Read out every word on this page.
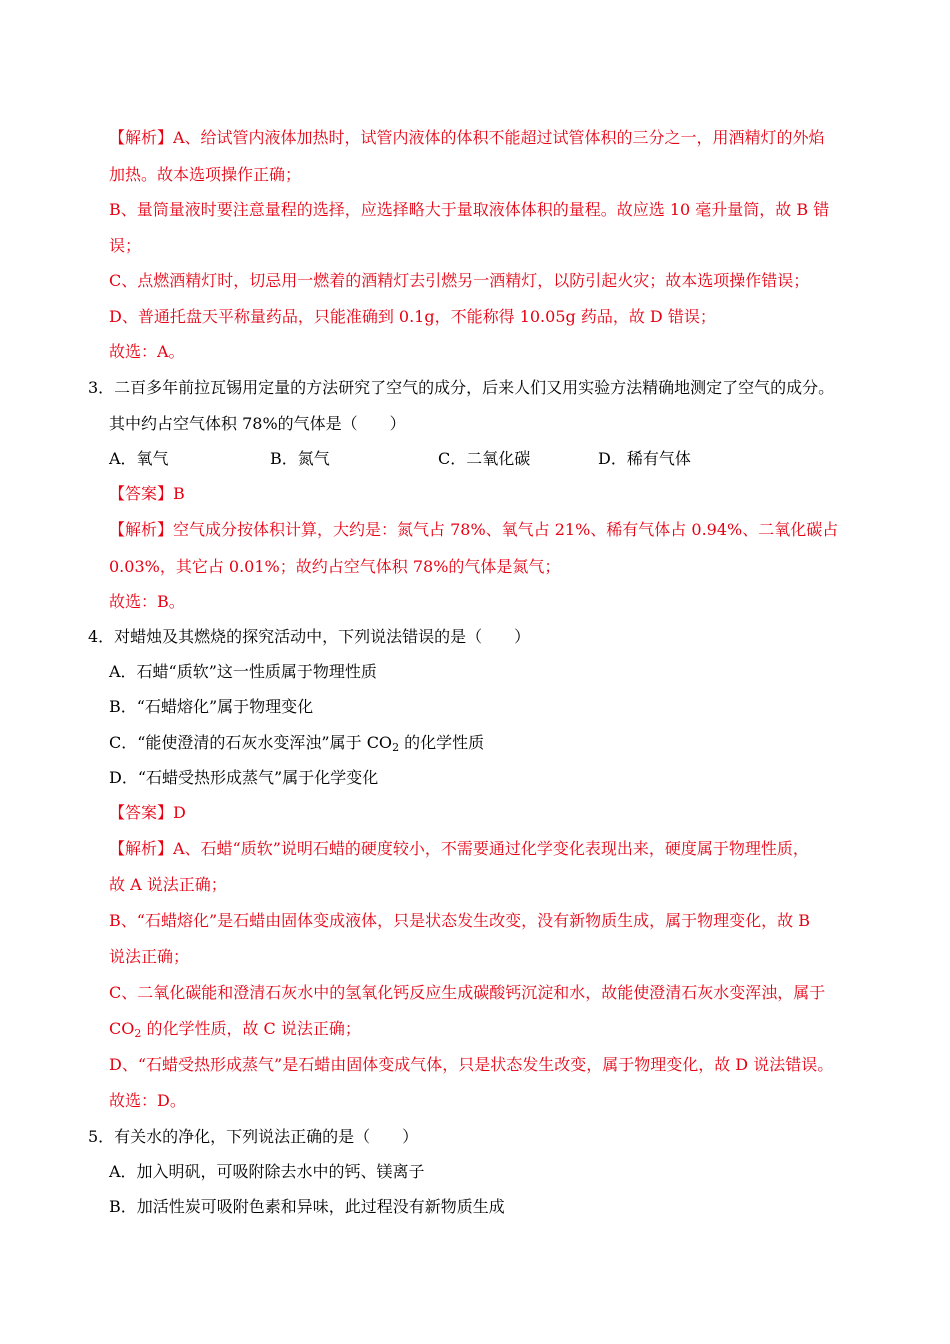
【解析】A、给试管内液体加热时，试管内液体的体积不能超过试管体积的三分之一，用酒精灯的外焰
加热。故本选项操作正确；
B、量筒量液时要注意量程的选择，应选择略大于量取液体体积的量程。故应选 10 毫升量筒，故 B 错
误；
C、点燃酒精灯时，切忌用一燃着的酒精灯去引燃另一酒精灯，以防引起火灾；故本选项操作错误；
D、普通托盘天平称量药品，只能准确到 0.1g，不能称得 10.05g 药品，故 D 错误；
故选：A。
3．二百多年前拉瓦锡用定量的方法研究了空气的成分，后来人们又用实验方法精确地测定了空气的成分。
其中约占空气体积 78%的气体是（　　）
A．氧气	B．氮气	C．二氧化碳	D．稀有气体
【答案】B
【解析】空气成分按体积计算，大约是：氮气占 78%、氧气占 21%、稀有气体占 0.94%、二氧化碳占
0.03%，其它占 0.01%；故约占空气体积 78%的气体是氮气；
故选：B。
4．对蜡烛及其燃烧的探究活动中，下列说法错误的是（　　）
A．石蜡“质软”这一性质属于物理性质
B．“石蜡熔化”属于物理变化
C．“能使澄清的石灰水变浑浊”属于 $CO_2$ 的化学性质
D．“石蜡受热形成蒸气”属于化学变化
【答案】D
【解析】A、石蜡“质软”说明石蜡的硬度较小，不需要通过化学变化表现出来，硬度属于物理性质，
故 A 说法正确；
B、“石蜡熔化”是石蜡由固体变成液体，只是状态发生改变，没有新物质生成，属于物理变化，故 B
说法正确；
C、二氧化碳能和澄清石灰水中的氢氧化钙反应生成碳酸钙沉淀和水，故能使澄清石灰水变浑浊，属于
$CO_2$ 的化学性质，故 C 说法正确；
D、“石蜡受热形成蒸气”是石蜡由固体变成气体，只是状态发生改变，属于物理变化，故 D 说法错误。
故选：D。
5．有关水的净化，下列说法正确的是（　　）
A．加入明矾，可吸附除去水中的钙、镁离子
B．加活性炭可吸附色素和异味，此过程没有新物质生成
